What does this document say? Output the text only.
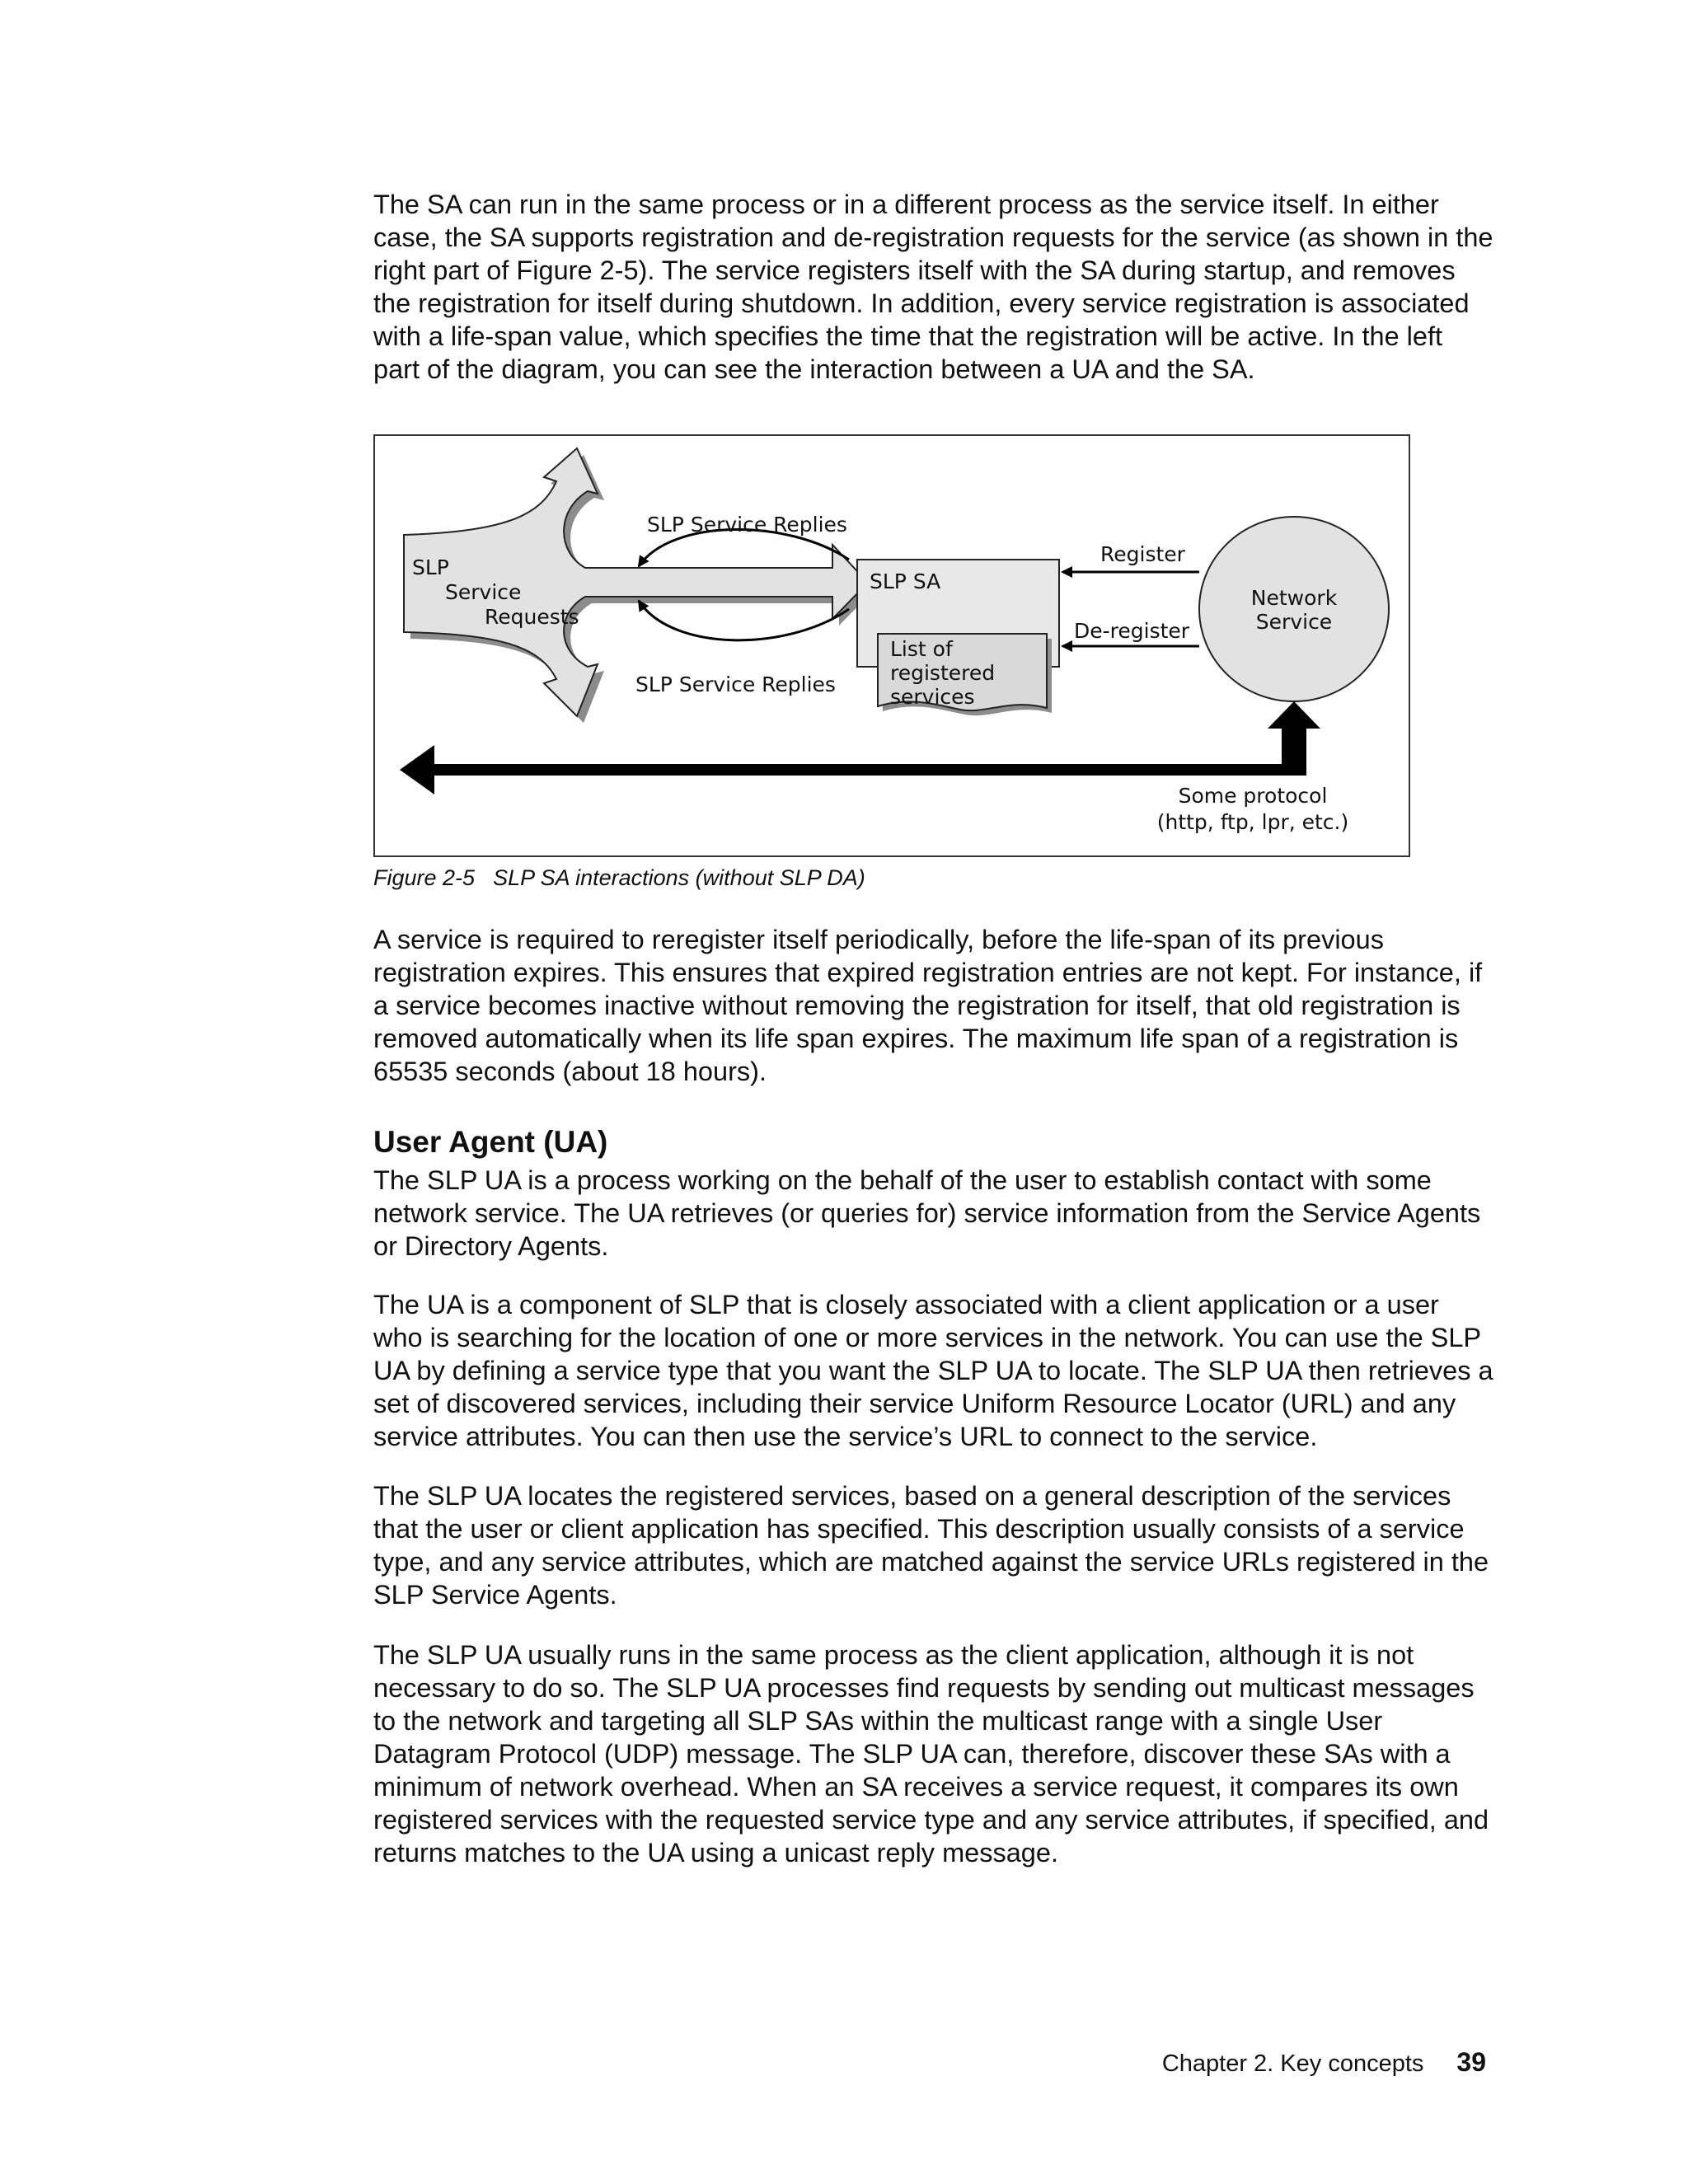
The SA can run in the same process or in a different process as the service itself. In either case, the SA supports registration and de-registration requests for the service (as shown in the right part of Figure 2-5). The service registers itself with the SA during startup, and removes the registration for itself during shutdown. In addition, every service registration is associated with a life-span value, which specifies the time that the registration will be active. In the left part of the diagram, you can see the interaction between a UA and the SA.

SLP
Service
Requests
SLP Service Replies
SLP Service Replies
SLP SA
List of
registered
services
Register
De-register
Network
Service
Some protocol
(http, ftp, lpr, etc.)

Figure 2-5 SLP SA interactions (without SLP DA)

A service is required to reregister itself periodically, before the life-span of its previous registration expires. This ensures that expired registration entries are not kept. For instance, if a service becomes inactive without removing the registration for itself, that old registration is removed automatically when its life span expires. The maximum life span of a registration is 65535 seconds (about 18 hours).

User Agent (UA)

The SLP UA is a process working on the behalf of the user to establish contact with some network service. The UA retrieves (or queries for) service information from the Service Agents or Directory Agents.

The UA is a component of SLP that is closely associated with a client application or a user who is searching for the location of one or more services in the network. You can use the SLP UA by defining a service type that you want the SLP UA to locate. The SLP UA then retrieves a set of discovered services, including their service Uniform Resource Locator (URL) and any service attributes. You can then use the service’s URL to connect to the service.

The SLP UA locates the registered services, based on a general description of the services that the user or client application has specified. This description usually consists of a service type, and any service attributes, which are matched against the service URLs registered in the SLP Service Agents.

The SLP UA usually runs in the same process as the client application, although it is not necessary to do so. The SLP UA processes find requests by sending out multicast messages to the network and targeting all SLP SAs within the multicast range with a single User Datagram Protocol (UDP) message. The SLP UA can, therefore, discover these SAs with a minimum of network overhead. When an SA receives a service request, it compares its own registered services with the requested service type and any service attributes, if specified, and returns matches to the UA using a unicast reply message.

Chapter 2. Key concepts 39
